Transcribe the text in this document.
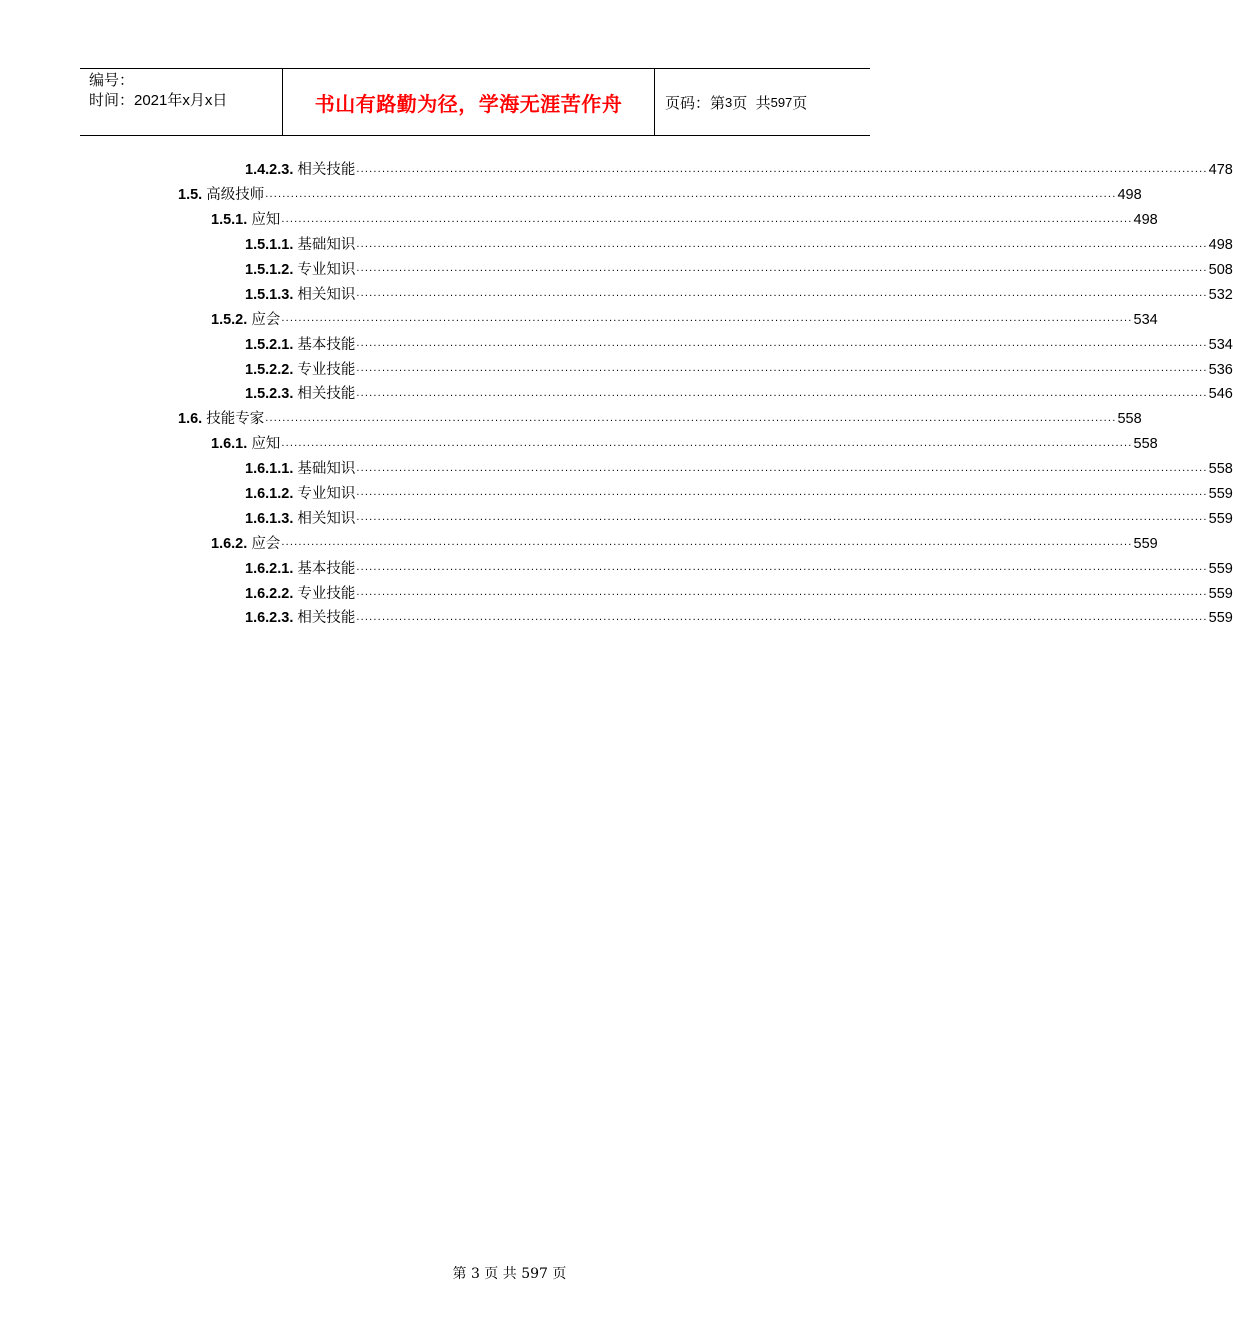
编号：
时间：2021年x月x日	书山有路勤为径，学海无涯苦作舟	页码：第 3 页  共 597 页
1.4.2.3.
相关技能 ........................................................................................................................................................................................................ 478
1.5.
高级技师 ........................................................................................................................................................................................................ 498
1.5.1.
应知 ........................................................................................................................................................................................................ 498
1.5.1.1.
基础知识 ........................................................................................................................................................................................................ 498
1.5.1.2.
专业知识 ........................................................................................................................................................................................................ 508
1.5.1.3.
相关知识 ........................................................................................................................................................................................................ 532
1.5.2.
应会 ........................................................................................................................................................................................................ 534
1.5.2.1.
基本技能 ........................................................................................................................................................................................................ 534
1.5.2.2.
专业技能 ........................................................................................................................................................................................................ 536
1.5.2.3.
相关技能 ........................................................................................................................................................................................................ 546
1.6.
技能专家 ........................................................................................................................................................................................................ 558
1.6.1.
应知 ........................................................................................................................................................................................................ 558
1.6.1.1.
基础知识 ........................................................................................................................................................................................................ 558
1.6.1.2.
专业知识 ........................................................................................................................................................................................................ 559
1.6.1.3.
相关知识 ........................................................................................................................................................................................................ 559
1.6.2.
应会 ........................................................................................................................................................................................................ 559
1.6.2.1.
基本技能 ........................................................................................................................................................................................................ 559
1.6.2.2.
专业技能 ........................................................................................................................................................................................................ 559
1.6.2.3.
相关技能 ........................................................................................................................................................................................................ 559

第 3 页 共 597 页
